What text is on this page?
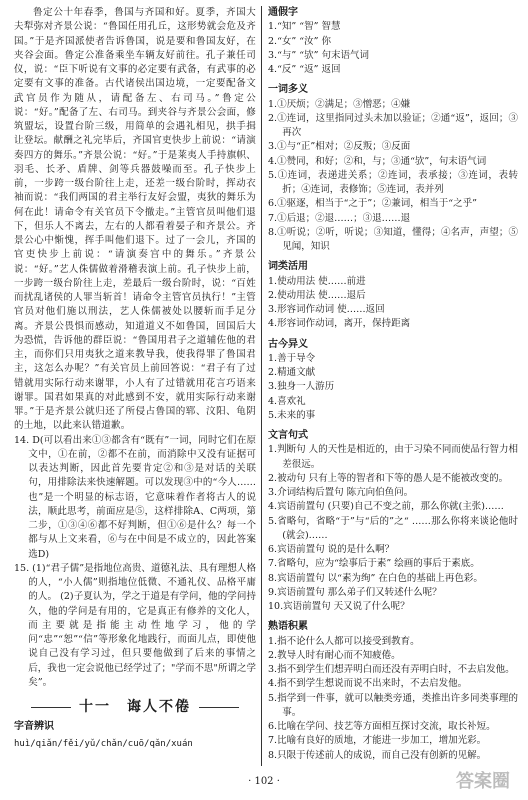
鲁定公十年春季，鲁国与齐国和好。夏季，齐国大夫犁弥对齐景公说：“鲁国任用孔丘，这形势就会危及齐国。”于是齐国派使者告诉鲁国，说是要和鲁国友好，在夹谷会面。鲁定公准备乘坐车辆友好前往。孔子兼任司仪，说：“臣下听说有文事的必定要有武备，有武事的必定要有文事的准备。古代诸侯出国边境，一定要配备文武官员作为随从，请配备左、右司马。”鲁定公说：“好。”配备了左、右司马。到夹谷与齐景公会面，修筑盟坛，设置台阶三级，用简单的会遇礼相见，拱手揖让登坛。献酬之礼完毕后，齐国官吏快步上前说：“请演奏四方的舞乐。”齐景公说：“好。”于是莱夷人手持旗帜、羽毛、长矛、盾牌、剑等兵器鼓噪而至。孔子快步上前，一步跨一级台阶往上走，还差一级台阶时，挥动衣袖而说：“我们两国的君主举行友好会盟，夷狄的舞乐为何在此！请命令有关官员下令撤走。”主管官员叫他们退下，但乐人不离去，左右的人都看着晏子和齐景公。齐景公心中惭愧，挥手叫他们退下。过了一会儿，齐国的官吏快步上前说：“请演奏宫中的舞乐。”齐景公说：“好。”艺人侏儒做着滑稽表演上前。孔子快步上前，一步跨一级台阶往上走，差最后一级台阶时，说：“百姓而扰乱诸侯的人罪当斩首！请命令主管官员执行！”主管官员对他们施以刑法，艺人侏儒被处以腰斩而手足分离。齐景公畏惧而感动，知道道义不如鲁国，回国后大为恐慌，告诉他的群臣说：“鲁国用君子之道辅佐他的君主，而你们只用夷狄之道来教导我，使我得罪了鲁国君主，这怎么办呢？”有关官员上前回答说：“君子有了过错就用实际行动来谢罪，小人有了过错就用花言巧语来谢罪。国君如果真的对此感到不安，就用实际行动来谢罪。”于是齐景公就归还了所侵占鲁国的郓、汶阳、龟阴的土地，以此来认错道歉。

14. D(可以看出来①③都含有“既有”一词，同时它们在原文中，①在前，②都不在前，而消除中又没有证据可以表达判断，因此首先要肯定②和③是对话的关联句，用排除法来快速解题。可以发现③中的“今人……也”是一个明显的标志语，它意味着作者将古人的说法，顺此思考，前面应是⑤，这样排除A、C两项，第二步，①③④⑥都不好判断，但①⑥是什么？每一个都与从上文来看，⑥与在中间是不成立的，因此答案选D)

15. (1)“君子儒”是指地位高贵、道德礼法、具有理想人格的人，“小人儒”则指地位低微、不通礼仪、品格平庸的人。 (2)子夏认为，学之于道是有学问，他的学问持久，他的学问是有用的，它是真正有修养的文化人，而主要就是指能主动性地学习，他的学问“忠”“恕”“信”等形象化地践行，而面儿点，即使他说自己没有学习过，但只要他做到了后来的事情之后，我也一定会说他已经学过了；"学而不思"所谓之学矣”。

十一　诲人不倦
字音辨识
huì/qiǎn/fěi/yǔ/chǎn/cuō/qǎn/xuán
通假字

1.“知” “智” 智慧

2.“女” “汝” 你

3.“与” “欤” 句末语气词

4.“反” “返” 返回

一词多义

1.①厌烦；②满足；③憎恶；④嫌

2.①连词，这里指同过头未加以验证；②通“返”，返回；③再次

3.①与“正”相对；②反叛；③反面

4.①赞同，和好；②和，与；③通“欤”，句末语气词

5.①连词，表递进关系；②连词，表承接；③连词，表转折；④连词，表修饰；⑤连词，表并列

6.①驱逐，相当于“之于”；②兼词，相当于“之乎”

7.①后退；②退……；③退……退

8.①听说；②听，听说；③知道，懂得；④名声，声望；⑤见闻，知识

词类活用

1.使动用法 使……前进

2.使动用法 使……退后

3.形容词作动词 使……返回

4.形容词作动词，离开，保持距离

古今异义

1.善于导令

2.精通文献

3.独身一人游历

4.喜欢礼

5.未来的事

文言句式

1.判断句 人的天性是相近的，由于习染不同而使品行智力相差很远。

2.被动句 只有上等的智者和下等的愚人是不能被改变的。

3.介词结构后置句 陈亢向伯鱼问。

4.宾语前置句 (只要)自己不变之前，那么你就(主张)……

5.省略句，省略“于”与“后的”之“ ……那么你将来谈论他时(就会)……

6.宾语前置句 说的是什么啊？

7.省略句，应为“绘事后于素” 绘画的事后于素底。

8.宾语前置句 以“素为绚” 在白色的基础上再色彩。

9.宾语前置句 那么弟子们又转述什么呢？

10.宾语前置句 天又说了什么呢？

熟语积累

1.指不论什么人都可以接受到教育。

2.教导人时有耐心而不知疲倦。

3.指不到学生们想弄明白而还没有弄明白时，不去启发他。

4.指不到学生想说而说不出来时，不去启发他。

5.指学到一件事，就可以触类旁通，类推出许多同类事理的事。

6.比喻在学问、技艺等方面相互探讨交流，取长补短。

7.比喻有良好的质地，才能进一步加工，增加光彩。

8.只限于传述前人的成说，而自己没有创新的见解。

· 102 ·	答案圈
